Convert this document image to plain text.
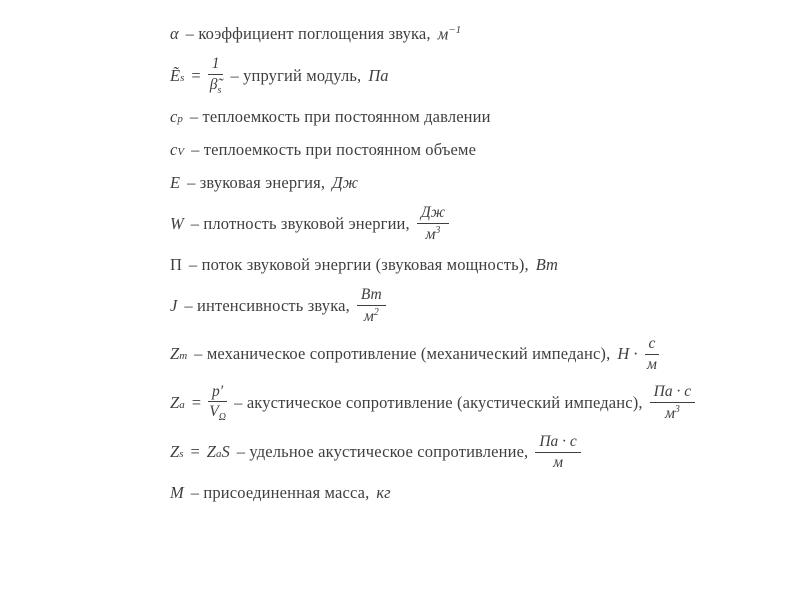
α – коэффициент поглощения звука, $м^{-1}$
Ẽ $s = \frac{1}{\betã_s}$ – упругий модуль, Па
c p – теплоемкость при постоянном давлении
c V – теплоемкость при постоянном объеме
E – звуковая энергия, Дж
W – плотность звуковой энергии, $\frac{Дж}{м^3}$
П – поток звуковой энергии (звуковая мощность), Вт
J – интенсивность звука, $\frac{Вт}{м^2}$
Z m – механическое сопротивление (механический импеданс), $Н \cdot \frac{с}{м}$
Z $a = \frac{p'}{V_\Omega}$ – акустическое сопротивление (акустический импеданс), $\frac{Па \cdot с}{м^3}$
Z s = Z a S – удельное акустическое сопротивление, $\frac{Па \cdot с}{м}$
M – присоединенная масса, кг
